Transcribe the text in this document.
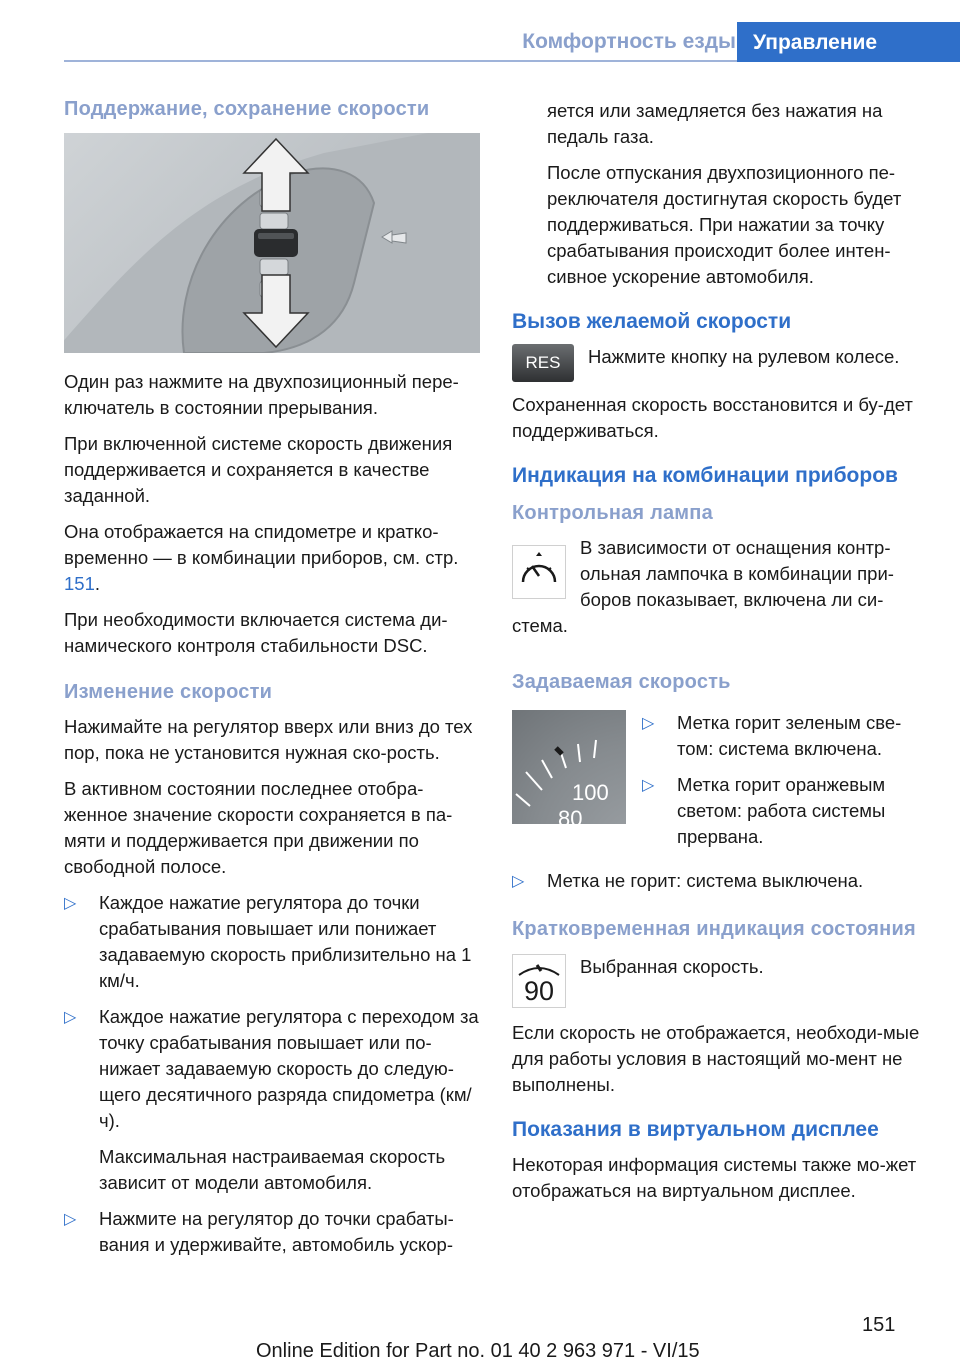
Комфортность езды Управление
Поддержание, сохранение скорости

Один раз нажмите на двухпозиционный пере-ключатель в состоянии прерывания.

При включенной системе скорость движения поддерживается и сохраняется в качестве заданной.

Она отображается на спидометре и кратко-временно — в комбинации приборов, см. стр. 151.

При необходимости включается система ди-намического контроля стабильности DSC.

Изменение скорости

Нажимайте на регулятор вверх или вниз до тех пор, пока не установится нужная ско-рость.

В активном состоянии последнее отобра-женное значение скорости сохраняется в па-мяти и поддерживается при движении по свободной полосе.

▷ Каждое нажатие регулятора до точки срабатывания повышает или понижает задаваемую скорость приблизительно на 1 км/ч.
▷ Каждое нажатие регулятора с переходом за точку срабатывания повышает или по-нижает задаваемую скорость до следую-щего десятичного разряда спидометра (км/ч).
Максимальная настраиваемая скорость зависит от модели автомобиля.
▷ Нажмите на регулятор до точки срабаты-вания и удерживайте, автомобиль ускор-

яется или замедляется без нажатия на педаль газа.

После отпускания двухпозиционного пе-реключателя достигнутая скорость будет поддерживаться. При нажатии за точку срабатывания происходит более интен-сивное ускорение автомобиля.

Вызов желаемой скорости
RES	Нажмите кнопку на рулевом колесе.

Сохраненная скорость восстановится и бу-дет поддерживаться.

Индикация на комбинации приборов
Контрольная лампа

В зависимости от оснащения контр-ольная лампочка в комбинации при-боров показывает, включена ли си-стема.

Задаваемая скорость
100
80
▷ Метка горит зеленым све-том: система включена.
▷ Метка горит оранжевым светом: работа системы прервана.
▷ Метка не горит: система выключена.
Кратковременная индикация состояния
90

Выбранная скорость.

Если скорость не отображается, необходи-мые для работы условия в настоящий мо-мент не выполнены.

Показания в виртуальном дисплее

Некоторая информация системы также мо-жет отображаться на виртуальном дисплее.

151
Online Edition for Part no. 01 40 2 963 971 - VI/15
